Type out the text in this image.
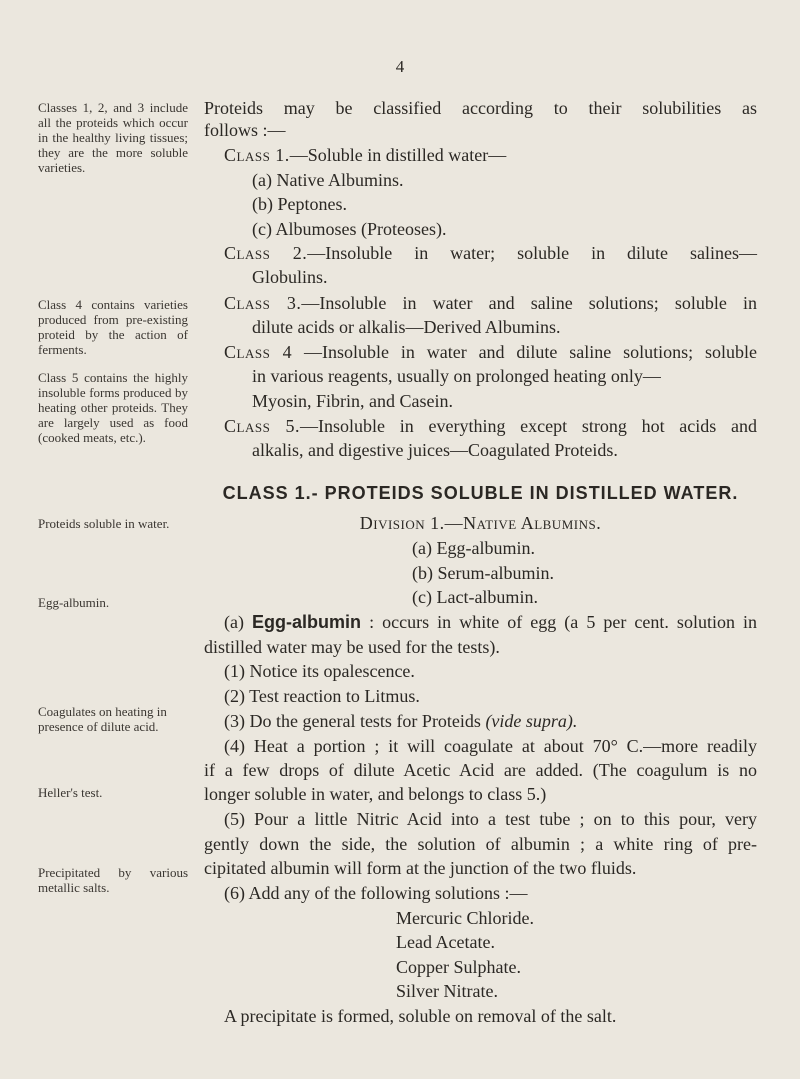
4
Classes 1, 2, and 3 include all the proteids which occur in the healthy living tissues; they are the more soluble varieties.
Class 4 contains varieties produced from pre-existing proteid by the action of ferments.
Class 5 contains the highly insoluble forms produced by heating other proteids. They are largely used as food (cooked meats, etc.).
Proteids soluble in water.
Egg-albumin.
Coagulates on heating in presence of dilute acid.
Heller's test.
Precipitated by various metallic salts.
Proteids may be classified according to their solubilities as
follows :—
Class 1.—Soluble in distilled water—
(a) Native Albumins.
(b) Peptones.
(c) Albumoses (Proteoses).
Class 2.—Insoluble in water; soluble in dilute salines—
Globulins.
Class 3.—Insoluble in water and saline solutions; soluble in
dilute acids or alkalis—Derived Albumins.
Class 4 —Insoluble in water and dilute saline solutions; soluble
in various reagents, usually on prolonged heating only—
Myosin, Fibrin, and Casein.
Class 5.—Insoluble in everything except strong hot acids and
alkalis, and digestive juices—Coagulated Proteids.
CLASS 1.- PROTEIDS SOLUBLE IN DISTILLED WATER.
Division 1.—Native Albumins.
(a) Egg-albumin.
(b) Serum-albumin.
(c) Lact-albumin.
(a) Egg-albumin : occurs in white of egg (a 5 per cent. solution in
distilled water may be used for the tests).
(1) Notice its opalescence.
(2) Test reaction to Litmus.
(3) Do the general tests for Proteids (vide supra).
(4) Heat a portion ; it will coagulate at about 70° C.—more readily
if a few drops of dilute Acetic Acid are added. (The coagulum is no
longer soluble in water, and belongs to class 5.)
(5) Pour a little Nitric Acid into a test tube ; on to this pour, very
gently down the side, the solution of albumin ; a white ring of pre-
cipitated albumin will form at the junction of the two fluids.
(6) Add any of the following solutions :—
Mercuric Chloride.
Lead Acetate.
Copper Sulphate.
Silver Nitrate.
A precipitate is formed, soluble on removal of the salt.
